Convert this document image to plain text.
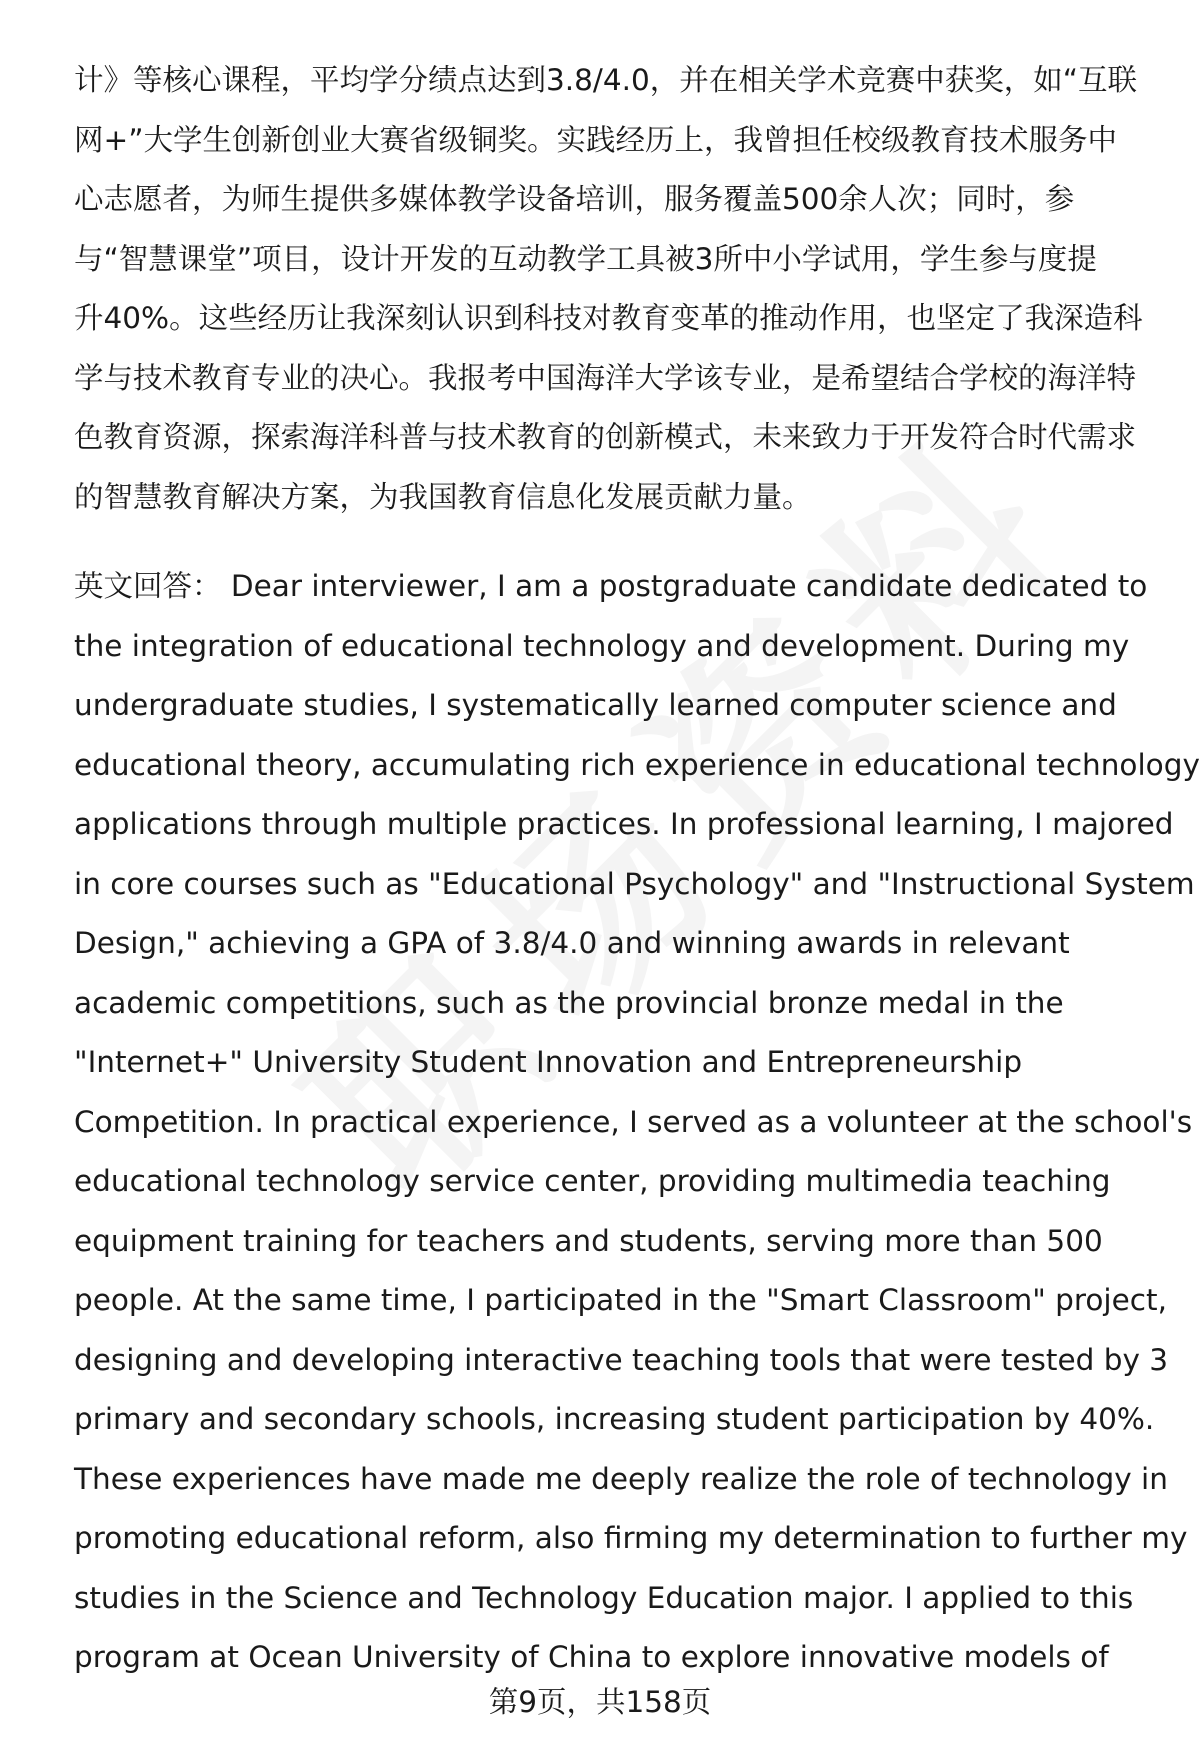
计》等核心课程，平均学分绩点达到3.8/4.0，并在相关学术竞赛中获奖，如“互联
网+”大学生创新创业大赛省级铜奖。实践经历上，我曾担任校级教育技术服务中
心志愿者，为师生提供多媒体教学设备培训，服务覆盖500余人次；同时，参
与“智慧课堂”项目，设计开发的互动教学工具被3所中小学试用，学生参与度提
升40%。这些经历让我深刻认识到科技对教育变革的推动作用，也坚定了我深造科
学与技术教育专业的决心。我报考中国海洋大学该专业，是希望结合学校的海洋特
色教育资源，探索海洋科普与技术教育的创新模式，未来致力于开发符合时代需求
的智慧教育解决方案，为我国教育信息化发展贡献力量。
英文回答： Dear interviewer, I am a postgraduate candidate dedicated to
the integration of educational technology and development. During my
undergraduate studies, I systematically learned computer science and
educational theory, accumulating rich experience in educational technology
applications through multiple practices. In professional learning, I majored
in core courses such as "Educational Psychology" and "Instructional System
Design," achieving a GPA of 3.8/4.0 and winning awards in relevant
academic competitions, such as the provincial bronze medal in the
"Internet+" University Student Innovation and Entrepreneurship
Competition. In practical experience, I served as a volunteer at the school's
educational technology service center, providing multimedia teaching
equipment training for teachers and students, serving more than 500
people. At the same time, I participated in the "Smart Classroom" project,
designing and developing interactive teaching tools that were tested by 3
primary and secondary schools, increasing student participation by 40%.
These experiences have made me deeply realize the role of technology in
promoting educational reform, also firming my determination to further my
studies in the Science and Technology Education major. I applied to this
program at Ocean University of China to explore innovative models of
第9页，共158页
